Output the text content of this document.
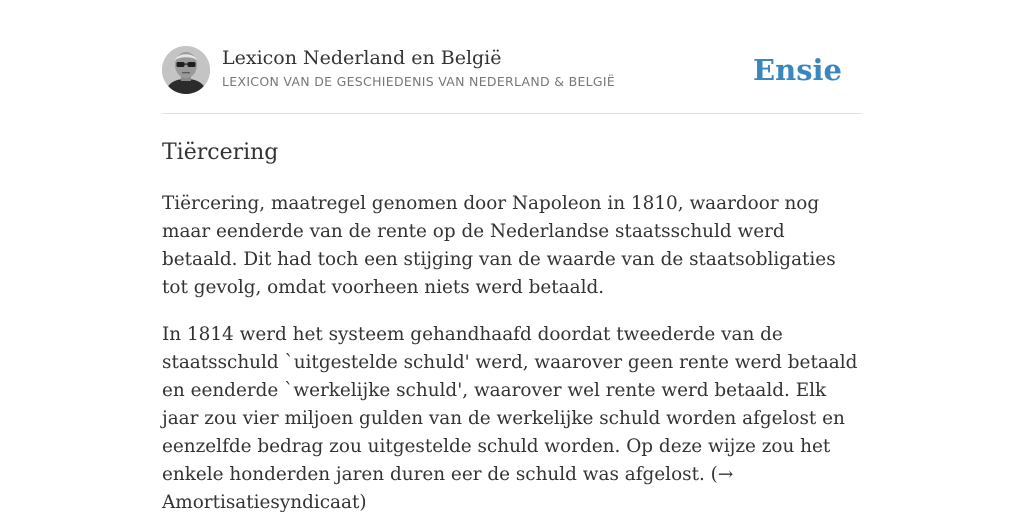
Lexicon Nederland en België
LEXICON VAN DE GESCHIEDENIS VAN NEDERLAND & BELGIË	Ensie
Tiërcering

Tiërcering, maatregel genomen door Napoleon in 1810, waardoor nog maar eenderde van de rente op de Nederlandse staatsschuld werd betaald. Dit had toch een stijging van de waarde van de staatsobligaties tot gevolg, omdat voorheen niets werd betaald.

In 1814 werd het systeem gehandhaafd doordat tweederde van de staatsschuld `uitgestelde schuld' werd, waarover geen rente werd betaald en eenderde `werkelijke schuld', waarover wel rente werd betaald. Elk jaar zou vier miljoen gulden van de werkelijke schuld worden afgelost en eenzelfde bedrag zou uitgestelde schuld worden. Op deze wijze zou het enkele honderden jaren duren eer de schuld was afgelost. (→ Amortisatiesyndicaat)
